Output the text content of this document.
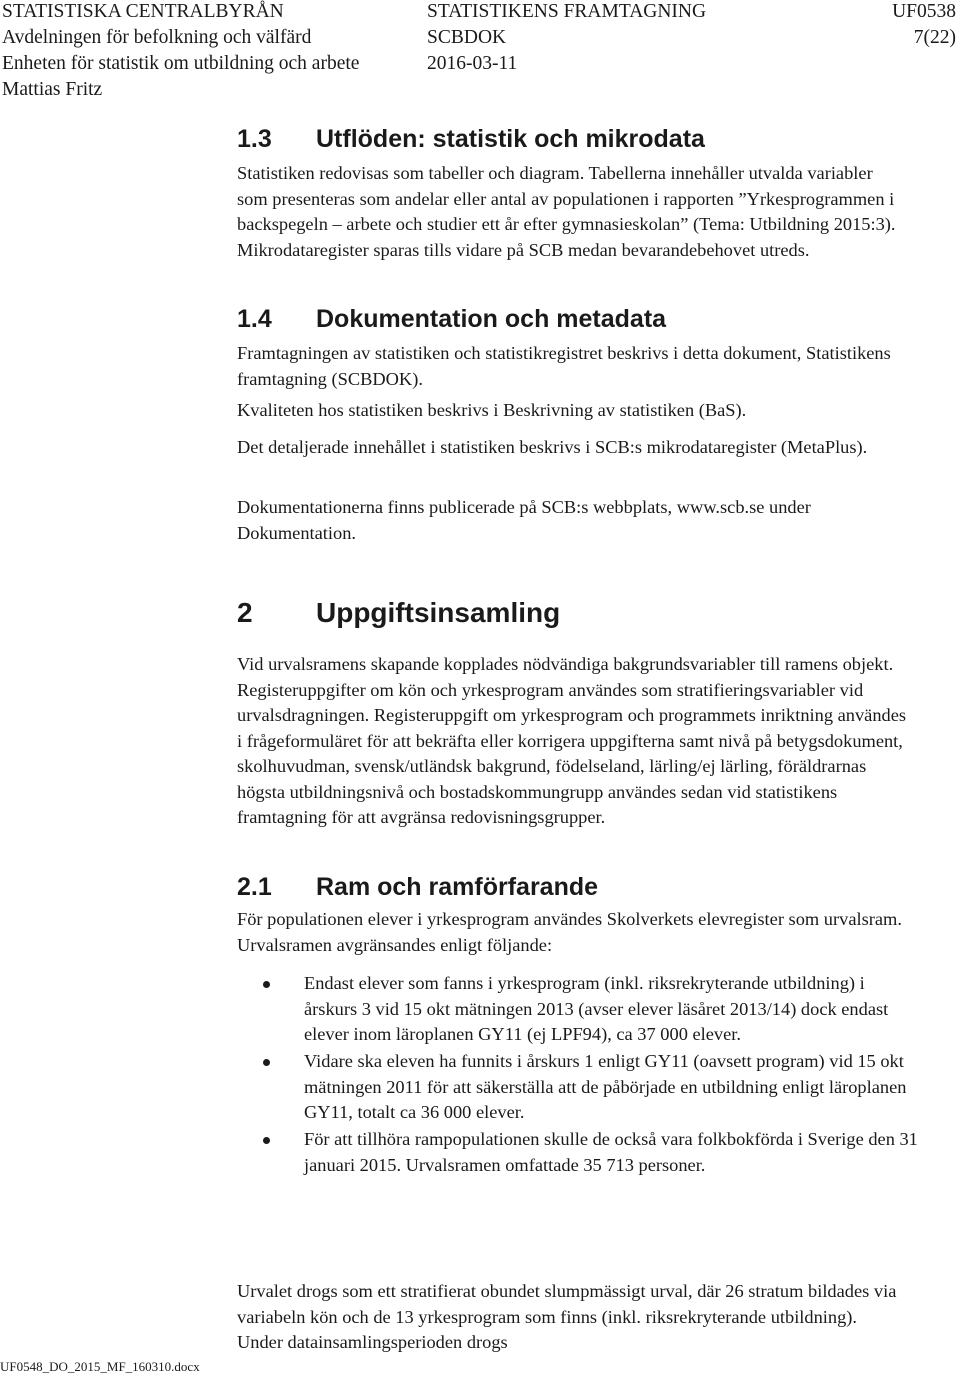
STATISTISKA CENTRALBYRÅN
Avdelningen för befolkning och välfärd
Enheten för statistik om utbildning och arbete
Mattias Fritz
STATISTIKENS FRAMTAGNING
SCBDOK
2016-03-11
UF0538
7(22)
1.3 Utflöden: statistik och mikrodata

Statistiken redovisas som tabeller och diagram. Tabellerna innehåller utvalda variabler som presenteras som andelar eller antal av populationen i rapporten ”Yrkesprogrammen i backspegeln – arbete och studier ett år efter gymnasieskolan” (Tema: Utbildning 2015:3). Mikrodataregister sparas tills vidare på SCB medan bevarandebehovet utreds.

1.4 Dokumentation och metadata

Framtagningen av statistiken och statistikregistret beskrivs i detta dokument, Statistikens framtagning (SCBDOK).

Kvaliteten hos statistiken beskrivs i Beskrivning av statistiken (BaS).

Det detaljerade innehållet i statistiken beskrivs i SCB:s mikrodataregister (MetaPlus).

Dokumentationerna finns publicerade på SCB:s webbplats, www.scb.se under Dokumentation.

2 Uppgiftsinsamling

Vid urvalsramens skapande kopplades nödvändiga bakgrundsvariabler till ramens objekt. Registeruppgifter om kön och yrkesprogram användes som stratifieringsvariabler vid urvalsdragningen. Registeruppgift om yrkesprogram och programmets inriktning användes i frågeformuläret för att bekräfta eller korrigera uppgifterna samt nivå på betygsdokument, skolhuvudman, svensk/utländsk bakgrund, födelseland, lärling/ej lärling, föräldrarnas högsta utbildningsnivå och bostadskommungrupp användes sedan vid statistikens framtagning för att avgränsa redovisningsgrupper.

2.1 Ram och ramförfarande

För populationen elever i yrkesprogram användes Skolverkets elevregister som urvalsram. Urvalsramen avgränsandes enligt följande:

Endast elever som fanns i yrkesprogram (inkl. riksrekryterande utbildning) i årskurs 3 vid 15 okt mätningen 2013 (avser elever läsåret 2013/14) dock endast elever inom läroplanen GY11 (ej LPF94), ca 37 000 elever.
Vidare ska eleven ha funnits i årskurs 1 enligt GY11 (oavsett program) vid 15 okt mätningen 2011 för att säkerställa att de påbörjade en utbildning enligt läroplanen GY11, totalt ca 36 000 elever.
För att tillhöra rampopulationen skulle de också vara folkbokförda i Sverige den 31 januari 2015. Urvalsramen omfattade 35 713 personer.

Urvalet drogs som ett stratifierat obundet slumpmässigt urval, där 26 stratum bildades via variabeln kön och de 13 yrkesprogram som finns (inkl. riksrekryterande utbildning). Under datainsamlingsperioden drogs

UF0548_DO_2015_MF_160310.docx
